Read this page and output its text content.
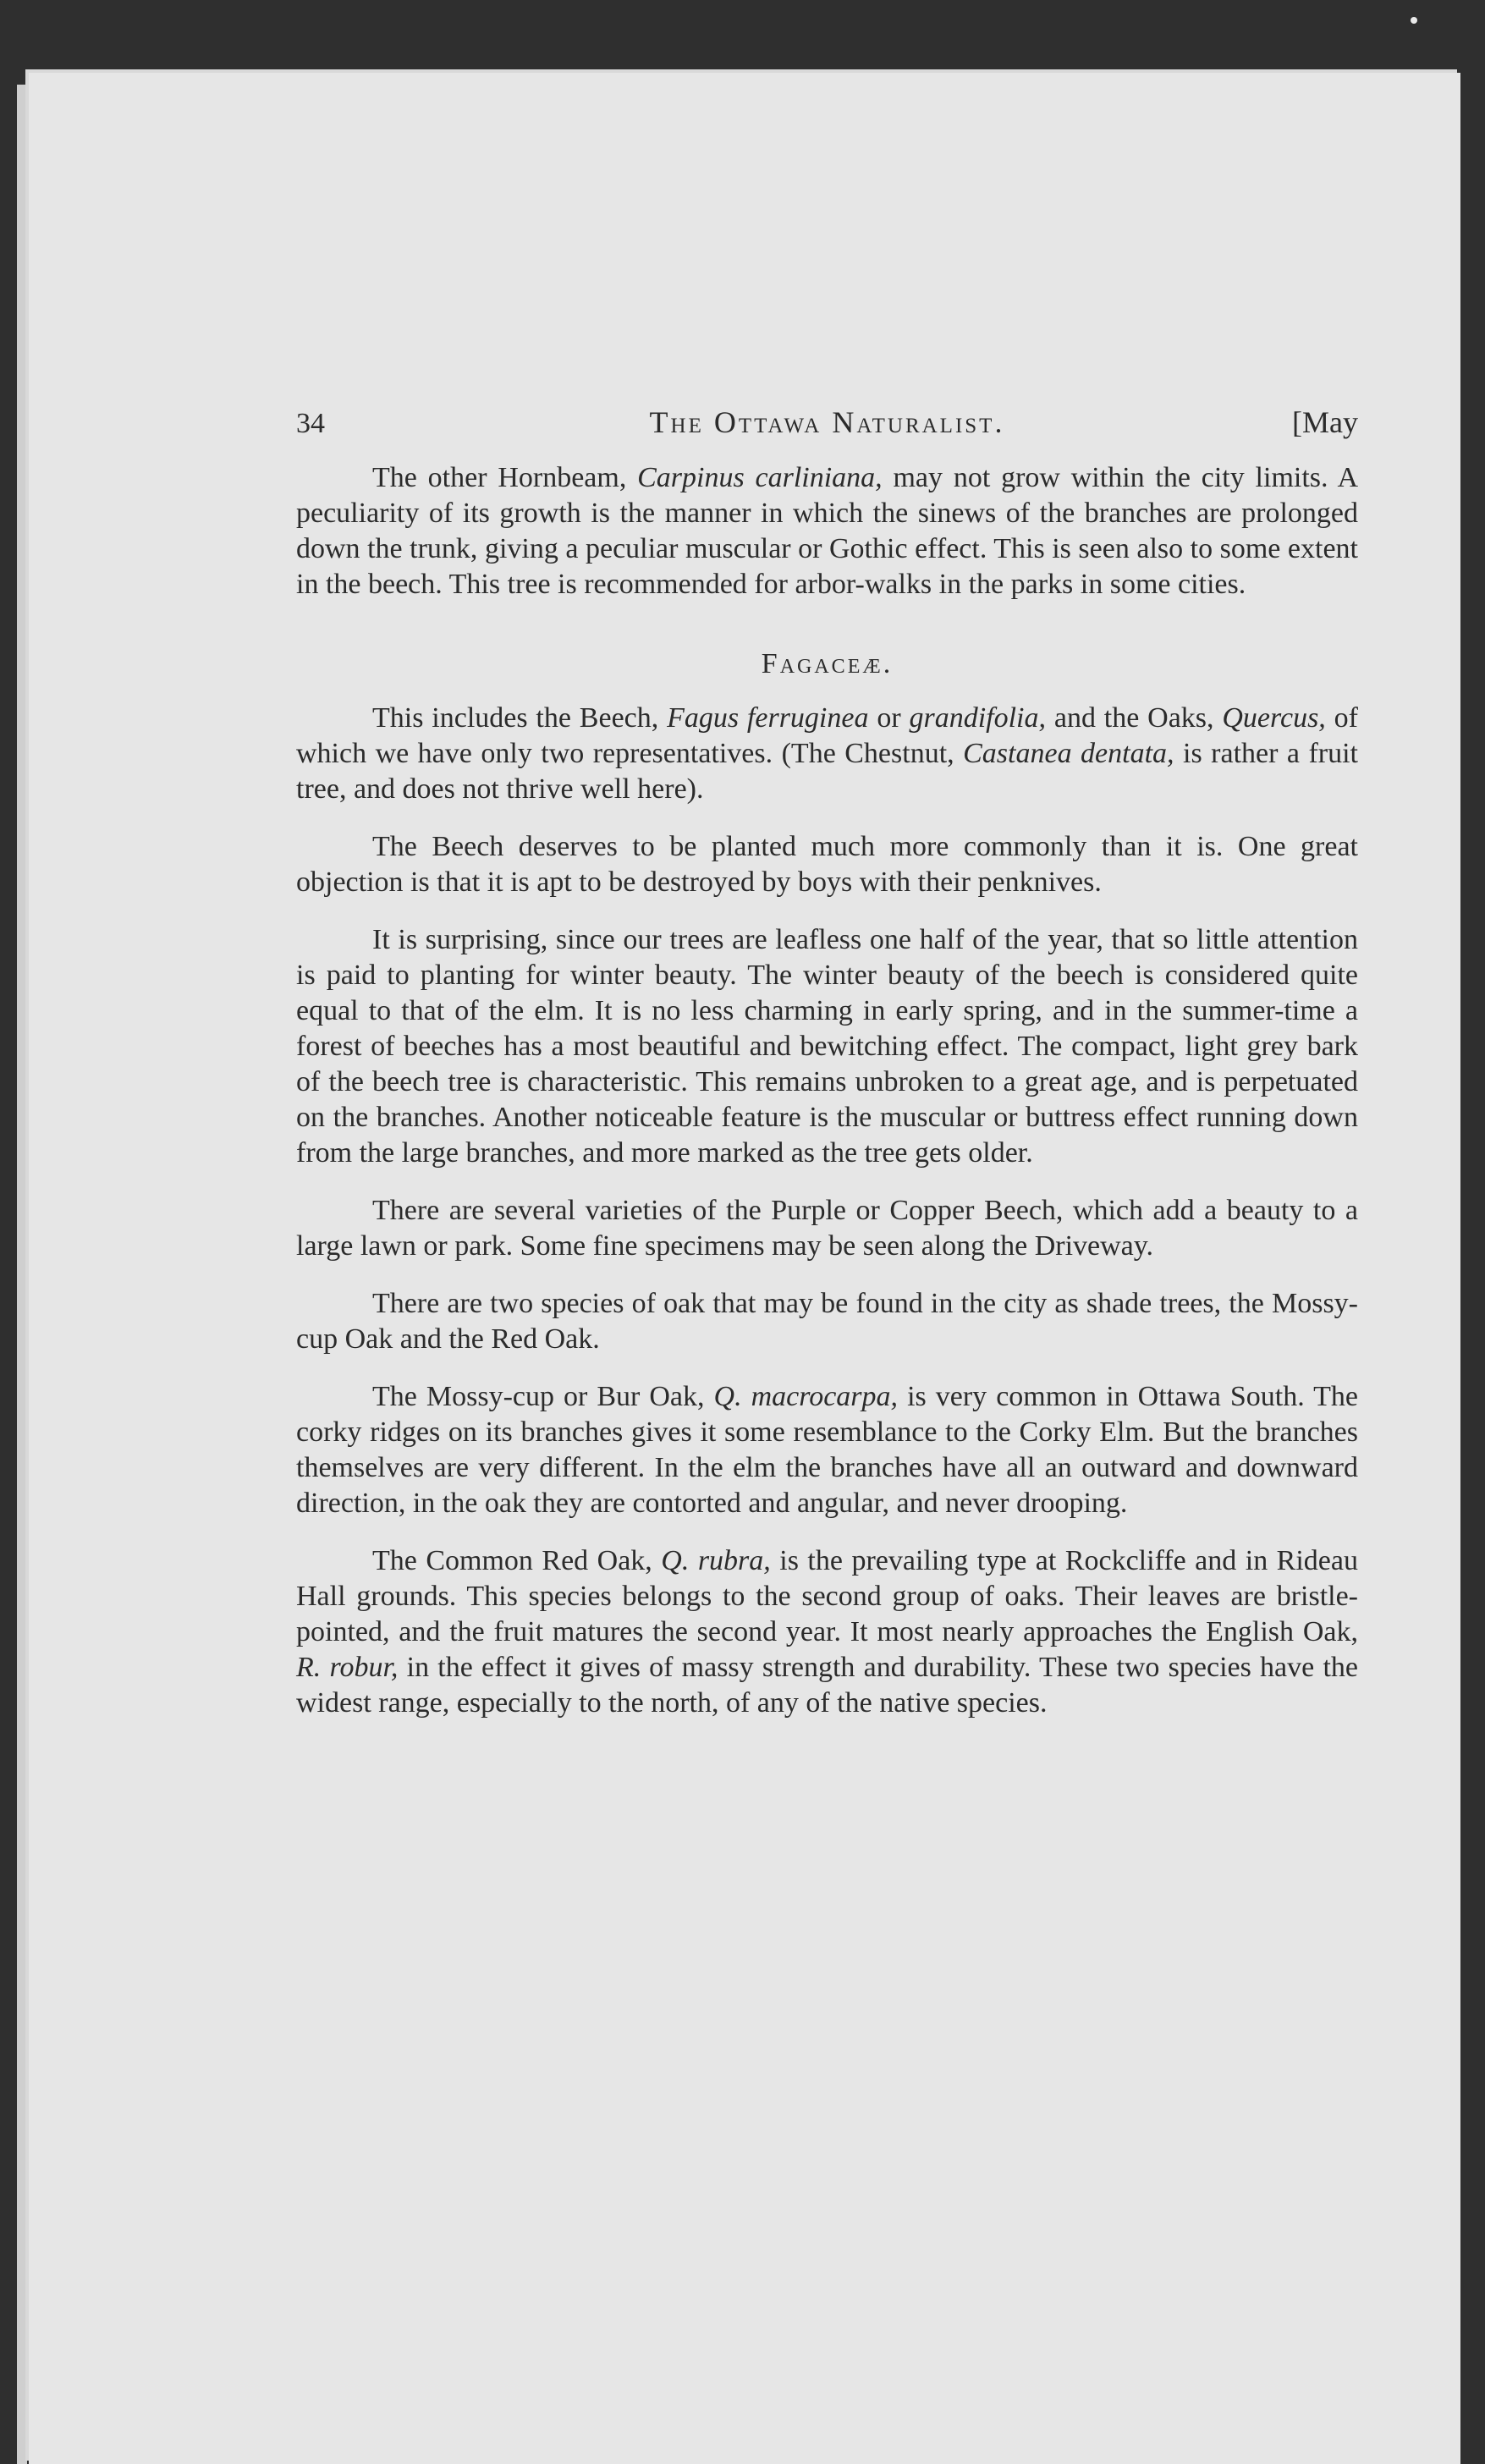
34	The Ottawa Naturalist.	[May

The other Hornbeam, Carpinus carliniana, may not grow within the city limits. A peculiarity of its growth is the manner in which the sinews of the branches are prolonged down the trunk, giving a peculiar muscular or Gothic effect. This is seen also to some extent in the beech. This tree is recommended for arbor-walks in the parks in some cities.

Fagaceæ.

This includes the Beech, Fagus ferruginea or grandifolia, and the Oaks, Quercus, of which we have only two representatives. (The Chestnut, Castanea dentata, is rather a fruit tree, and does not thrive well here).

The Beech deserves to be planted much more commonly than it is. One great objection is that it is apt to be destroyed by boys with their penknives.

It is surprising, since our trees are leafless one half of the year, that so little attention is paid to planting for winter beauty. The winter beauty of the beech is considered quite equal to that of the elm. It is no less charming in early spring, and in the summer-time a forest of beeches has a most beautiful and bewitching effect. The compact, light grey bark of the beech tree is characteristic. This remains unbroken to a great age, and is perpetuated on the branches. Another noticeable feature is the muscular or buttress effect running down from the large branches, and more marked as the tree gets older.

There are several varieties of the Purple or Copper Beech, which add a beauty to a large lawn or park. Some fine specimens may be seen along the Driveway.

There are two species of oak that may be found in the city as shade trees, the Mossy-cup Oak and the Red Oak.

The Mossy-cup or Bur Oak, Q. macrocarpa, is very common in Ottawa South. The corky ridges on its branches gives it some resemblance to the Corky Elm. But the branches themselves are very different. In the elm the branches have all an outward and downward direction, in the oak they are contorted and angular, and never drooping.

The Common Red Oak, Q. rubra, is the prevailing type at Rockcliffe and in Rideau Hall grounds. This species belongs to the second group of oaks. Their leaves are bristle-pointed, and the fruit matures the second year. It most nearly approaches the English Oak, R. robur, in the effect it gives of massy strength and durability. These two species have the widest range, especially to the north, of any of the native species.
